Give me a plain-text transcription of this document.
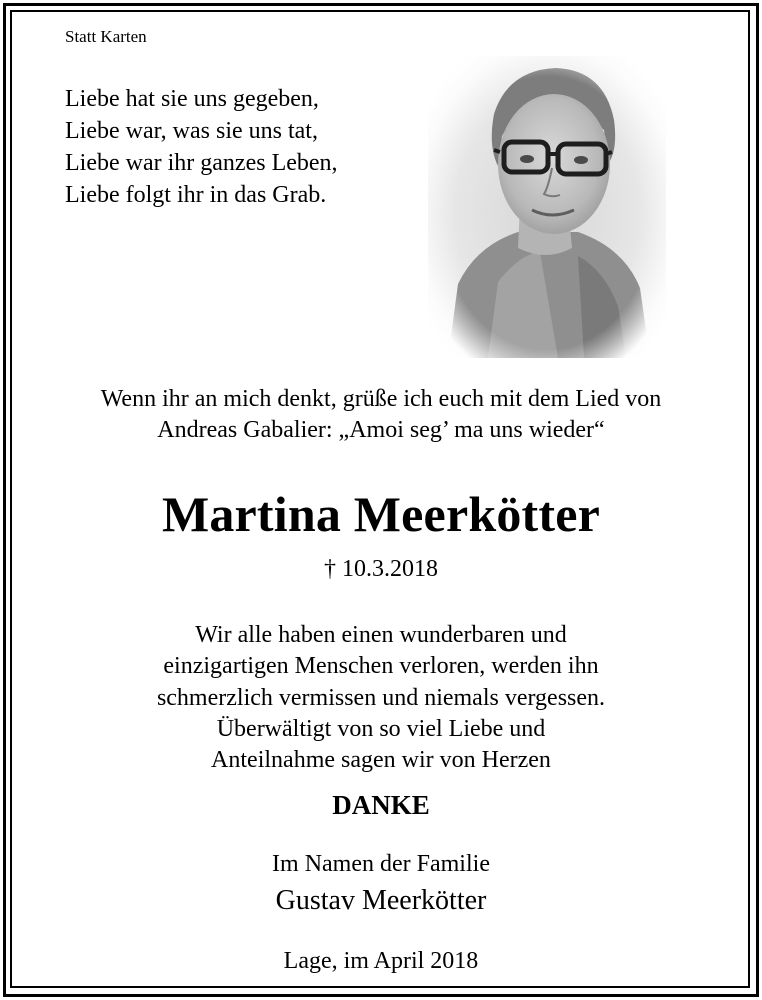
Statt Karten
Liebe hat sie uns gegeben,
Liebe war, was sie uns tat,
Liebe war ihr ganzes Leben,
Liebe folgt ihr in das Grab.
Wenn ihr an mich denkt, grüße ich euch mit dem Lied von
Andreas Gabalier: „Amoi seg’ ma uns wieder“
Martina Meerkötter
† 10.3.2018
Wir alle haben einen wunderbaren und
einzigartigen Menschen verloren, werden ihn
schmerzlich vermissen und niemals vergessen.
Überwältigt von so viel Liebe und
Anteilnahme sagen wir von Herzen
DANKE
Im Namen der Familie
Gustav Meerkötter
Lage, im April 2018
